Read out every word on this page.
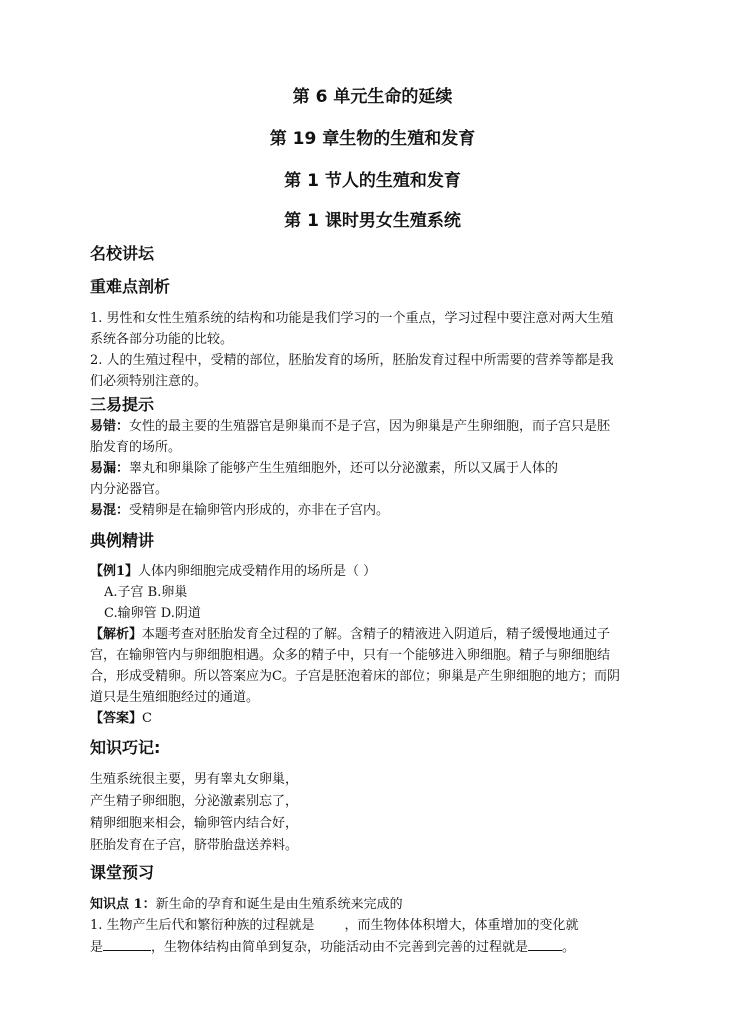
第 6 单元生命的延续
第 19 章生物的生殖和发育
第 1 节人的生殖和发育
第 1 课时男女生殖系统
名校讲坛
重难点剖析
1. 男性和女性生殖系统的结构和功能是我们学习的一个重点，学习过程中要注意对两大生殖
系统各部分功能的比较。
2. 人的生殖过程中，受精的部位，胚胎发育的场所，胚胎发育过程中所需要的营养等都是我
们必须特别注意的。
三易提示
易错：女性的最主要的生殖器官是卵巢而不是子宫，因为卵巢是产生卵细胞，而子宫只是胚
胎发育的场所。
易漏：睾丸和卵巢除了能够产生生殖细胞外，还可以分泌激素，所以又属于人体的
内分泌器官。
易混：受精卵是在输卵管内形成的，亦非在子宫内。
典例精讲
【例1】人体内卵细胞完成受精作用的场所是（ ）
A.子宫 B.卵巢
C.输卵管 D.阴道
【解析】本题考查对胚胎发育全过程的了解。含精子的精液进入阴道后，精子缓慢地通过子
宫，在输卵管内与卵细胞相遇。众多的精子中，只有一个能够进入卵细胞。精子与卵细胞结
合，形成受精卵。所以答案应为C。子宫是胚泡着床的部位；卵巢是产生卵细胞的地方；而阴
道只是生殖细胞经过的通道。
【答案】C
知识巧记:
生殖系统很主要，男有睾丸女卵巢，
产生精子卵细胞，分泌激素别忘了，
精卵细胞来相会，输卵管内结合好，
胚胎发育在子宫，脐带胎盘送养料。
课堂预习
知识点 1：新生命的孕育和诞生是由生殖系统来完成的
1. 生物产生后代和繁衍种族的过程就是 ，而生物体体积增大，体重增加的变化就
是	，生物体结构由简单到复杂，功能活动由不完善到完善的过程就是	。
